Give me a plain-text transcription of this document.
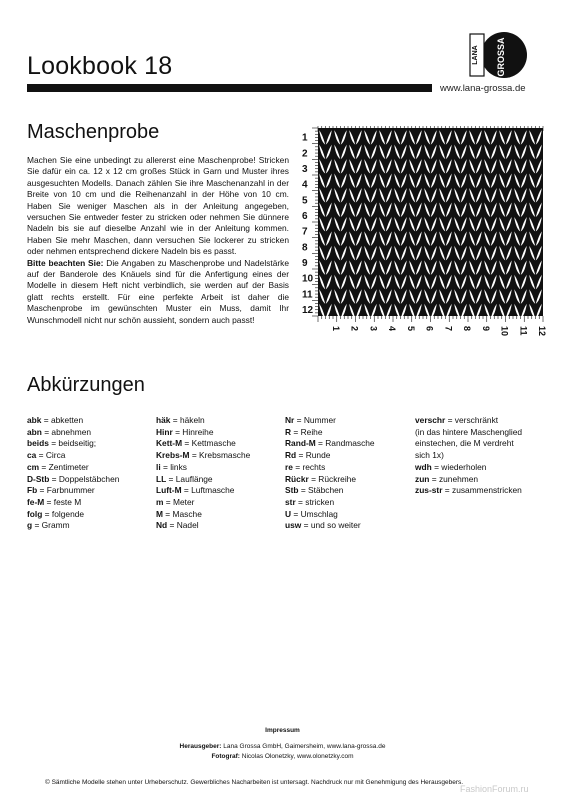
Lookbook 18
www.lana-grossa.de
LANA GROSSA
Maschenprobe

Machen Sie eine unbedingt zu allererst eine Maschenprobe! Stricken Sie dafür ein ca. 12 x 12 cm großes Stück in Garn und Muster ihres ausgesuchten Modells. Danach zählen Sie ihre Maschenanzahl in der Breite von 10 cm und die Reihenanzahl in der Höhe von 10 cm. Haben Sie weniger Maschen als in der Anleitung angegeben, versuchen Sie entweder fester zu stricken oder nehmen Sie dünnere Nadeln bis sie auf dieselbe Anzahl wie in der Anleitung kommen. Haben Sie mehr Maschen, dann versuchen Sie lockerer zu stricken oder nehmen entsprechend dickere Nadeln bis es passt.

Bitte beachten Sie: Die Angaben zu Maschenprobe und Nadelstärke auf der Banderole des Knäuels sind für die Anfertigung eines der Modelle in diesem Heft nicht verbindlich, sie werden auf der Basis glatt rechts erstellt. Für eine perfekte Arbeit ist daher die Maschenprobe im gewünschten Muster ein Muss, damit Ihr Wunschmodell nicht nur schön aussieht, sondern auch passt!

1
2
3
4
5
6
7
8
9
10
11
12
1 2 3 4 5 6 7 8 9 10 11 12
Abkürzungen
abk = abketten
abn = abnehmen
beids = beidseitig;
ca = Circa
cm = Zentimeter
D-Stb = Doppelstäbchen
Fb = Farbnummer
fe-M = feste M
folg = folgende
g = Gramm
häk = häkeln
Hinr = Hinreihe
Kett-M = Kettmasche
Krebs-M = Krebsmasche
li = links
LL = Lauflänge
Luft-M = Luftmasche
m = Meter
M = Masche
Nd = Nadel
Nr = Nummer
R = Reihe
Rand-M = Randmasche
Rd = Runde
re = rechts
Rückr = Rückreihe
Stb = Stäbchen
str = stricken
U = Umschlag
usw = und so weiter
verschr = verschränkt
(in das hintere Maschenglied
einstechen, die M verdreht
sich 1x)
wdh = wiederholen
zun = zunehmen
zus-str = zusammenstricken
Impressum
Herausgeber: Lana Grossa GmbH, Gaimersheim, www.lana-grossa.de
Fotograf: Nicolas Olonetzky, www.olonetzky.com
© Sämtliche Modelle stehen unter Urheberschutz. Gewerbliches Nacharbeiten ist untersagt. Nachdruck nur mit Genehmigung des Herausgebers.
FashionForum.ru
